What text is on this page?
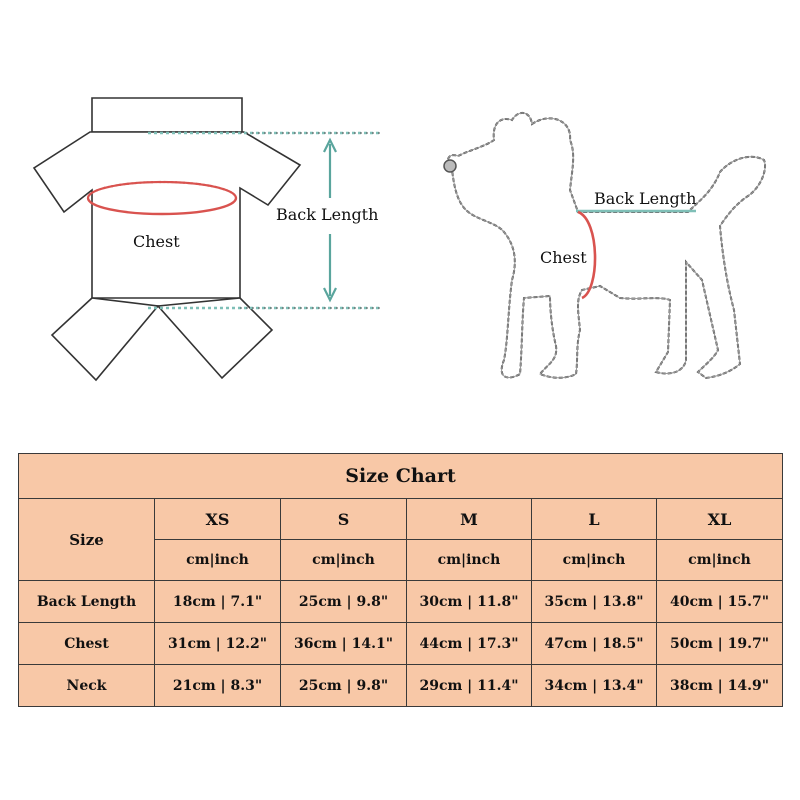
Chest
Back Length
Back Length
Chest
Size Chart					
Size	XS	S	M	L	XL
	cm|inch	cm|inch	cm|inch	cm|inch	cm|inch
Back Length	18cm | 7.1"	25cm | 9.8"	30cm | 11.8"	35cm | 13.8"	40cm | 15.7"
Chest	31cm | 12.2"	36cm | 14.1"	44cm | 17.3"	47cm | 18.5"	50cm | 19.7"
Neck	21cm | 8.3"	25cm | 9.8"	29cm | 11.4"	34cm | 13.4"	38cm | 14.9"
